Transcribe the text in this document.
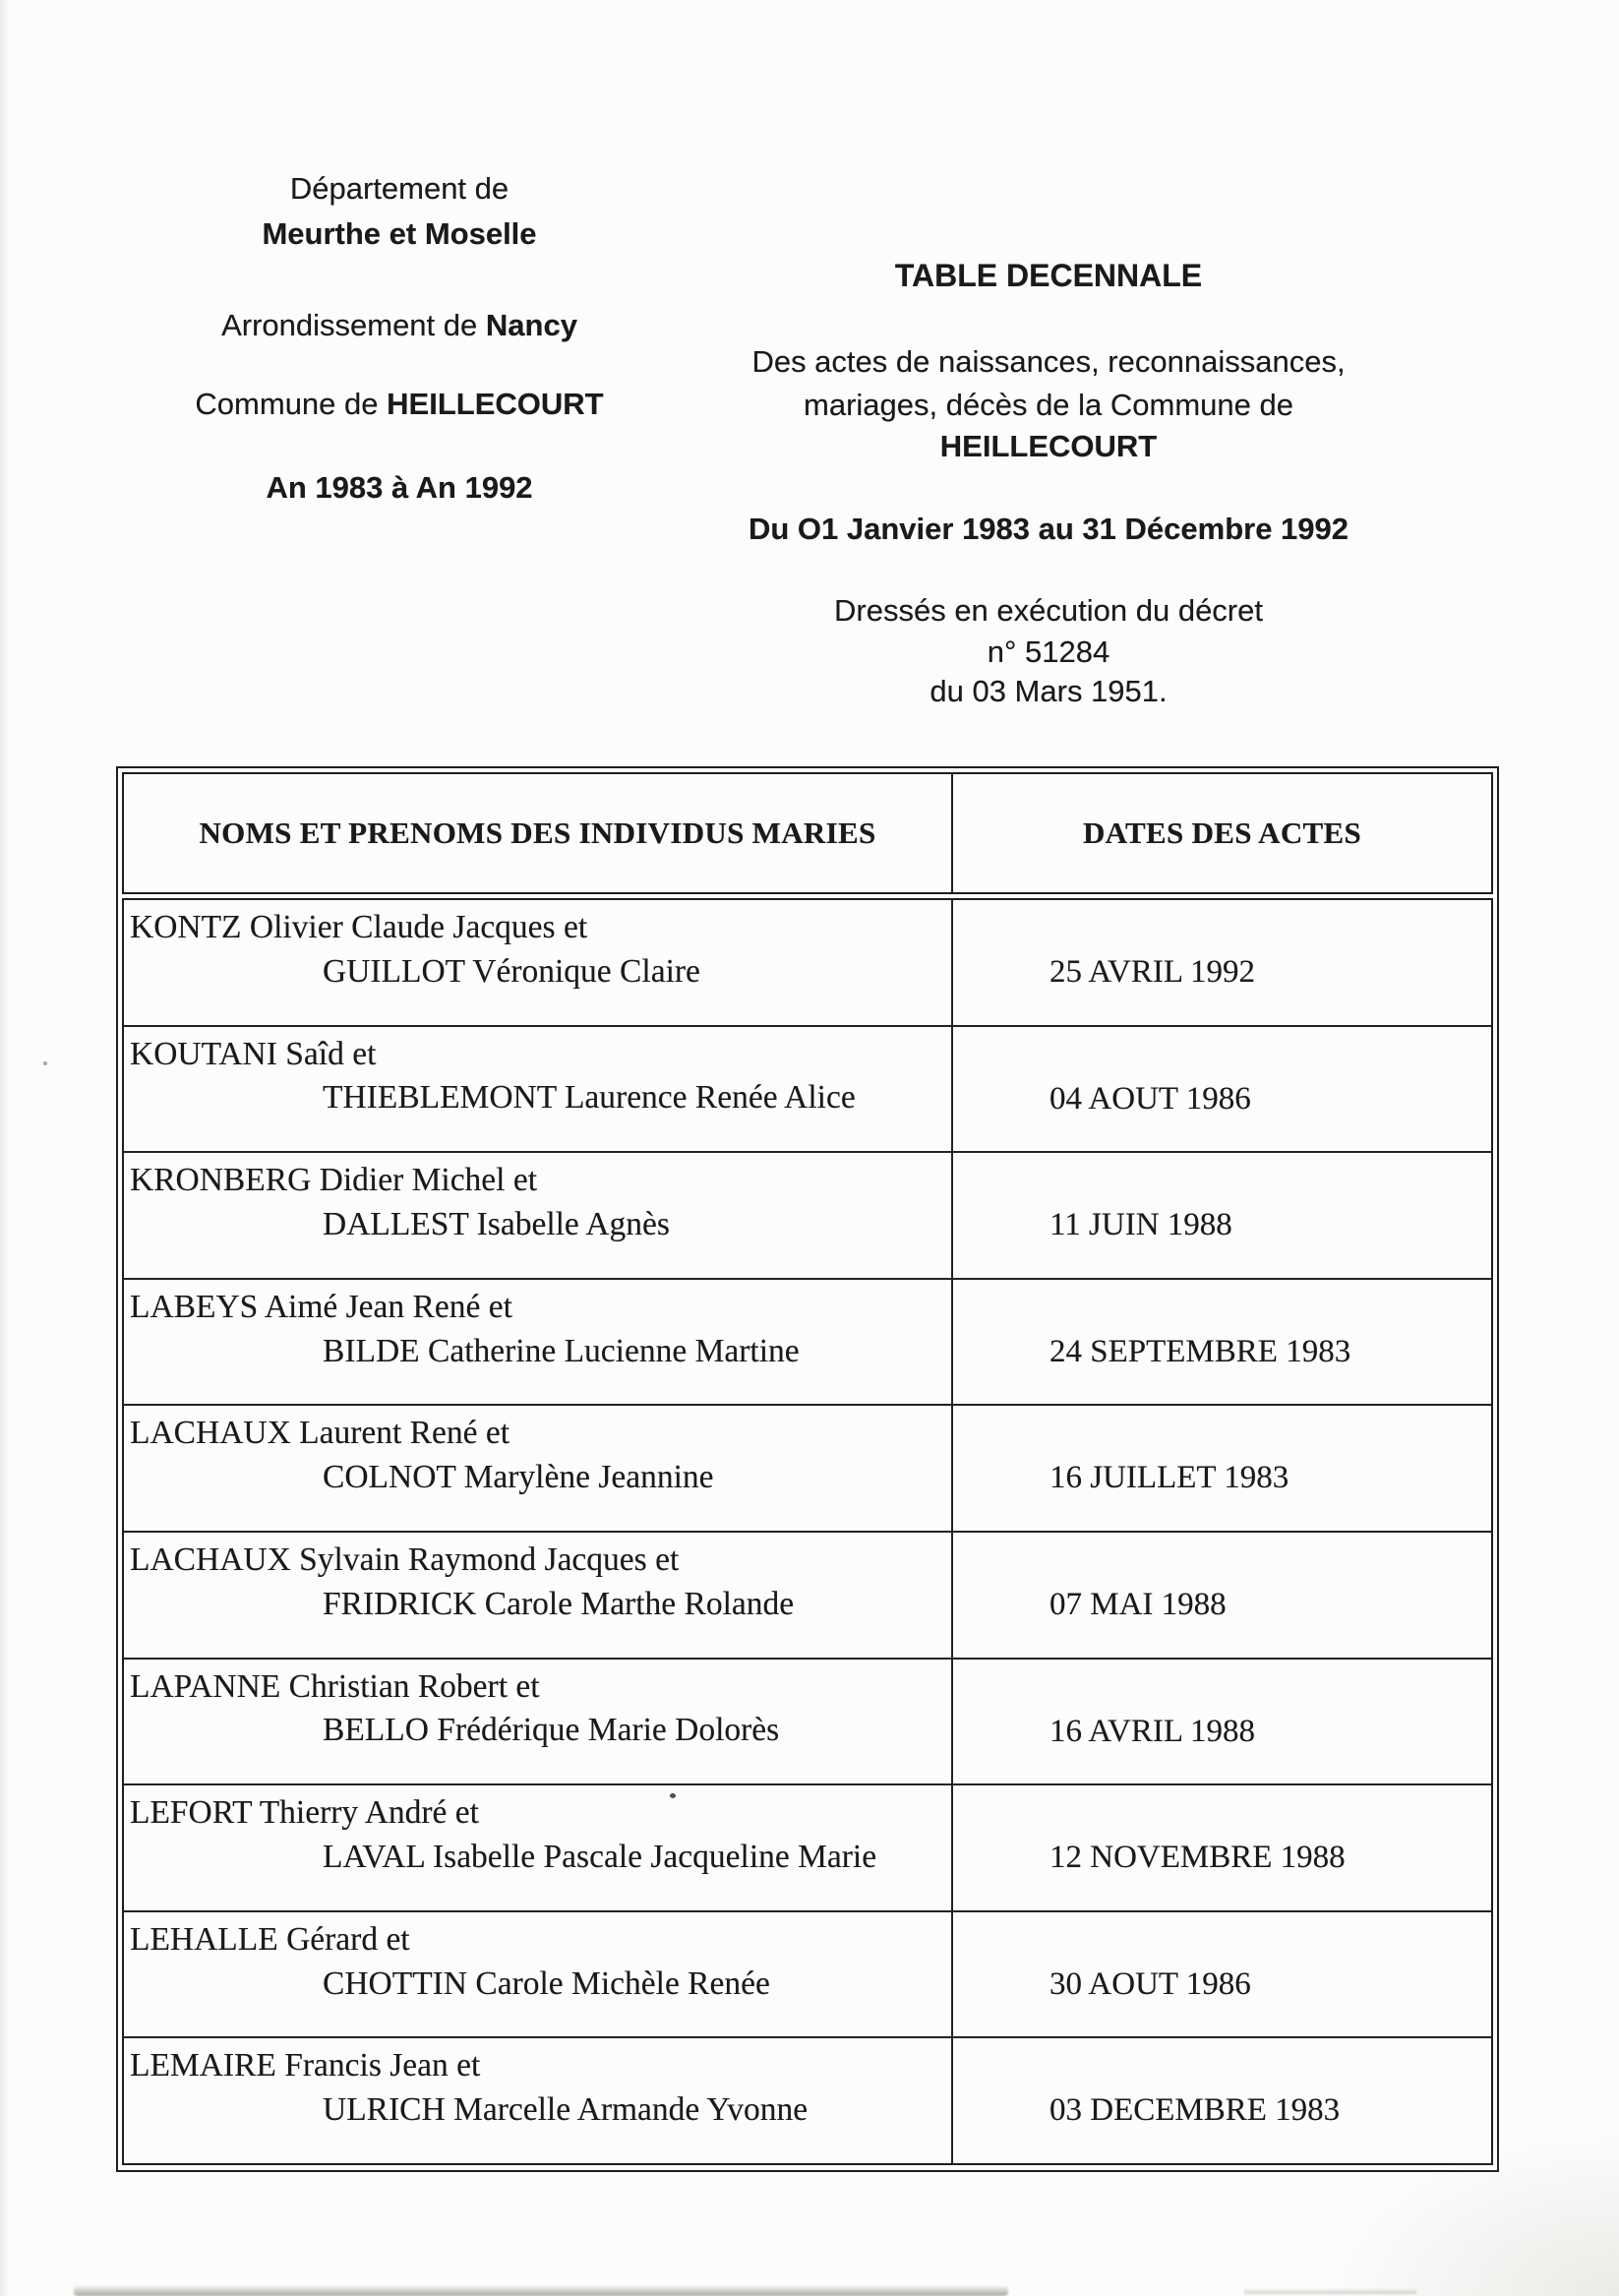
Département de
Meurthe et Moselle
Arrondissement de Nancy
Commune de HEILLECOURT
An 1983 à An 1992
TABLE DECENNALE
Des actes de naissances, reconnaissances,
mariages, décès de la Commune de
HEILLECOURT
Du O1 Janvier 1983 au 31 Décembre 1992
Dressés en exécution du décret
n° 51284
du 03 Mars 1951.
NOMS ET PRENOMS DES INDIVIDUS MARIES	DATES DES ACTES
KONTZ Olivier Claude Jacques et
GUILLOT Véronique Claire	25 AVRIL 1992
KOUTANI Saîd et
THIEBLEMONT Laurence Renée Alice	04 AOUT 1986
KRONBERG Didier Michel et
DALLEST Isabelle Agnès	11 JUIN 1988
LABEYS Aimé Jean René et
BILDE Catherine Lucienne Martine	24 SEPTEMBRE 1983
LACHAUX Laurent René et
COLNOT Marylène Jeannine	16 JUILLET 1983
LACHAUX Sylvain Raymond Jacques et
FRIDRICK Carole Marthe Rolande	07 MAI 1988
LAPANNE Christian Robert et
BELLO Frédérique Marie Dolorès	16 AVRIL 1988
LEFORT Thierry André et
LAVAL Isabelle Pascale Jacqueline Marie	12 NOVEMBRE 1988
LEHALLE Gérard et
CHOTTIN Carole Michèle Renée	30 AOUT 1986
LEMAIRE Francis Jean et
ULRICH Marcelle Armande Yvonne	03 DECEMBRE 1983
